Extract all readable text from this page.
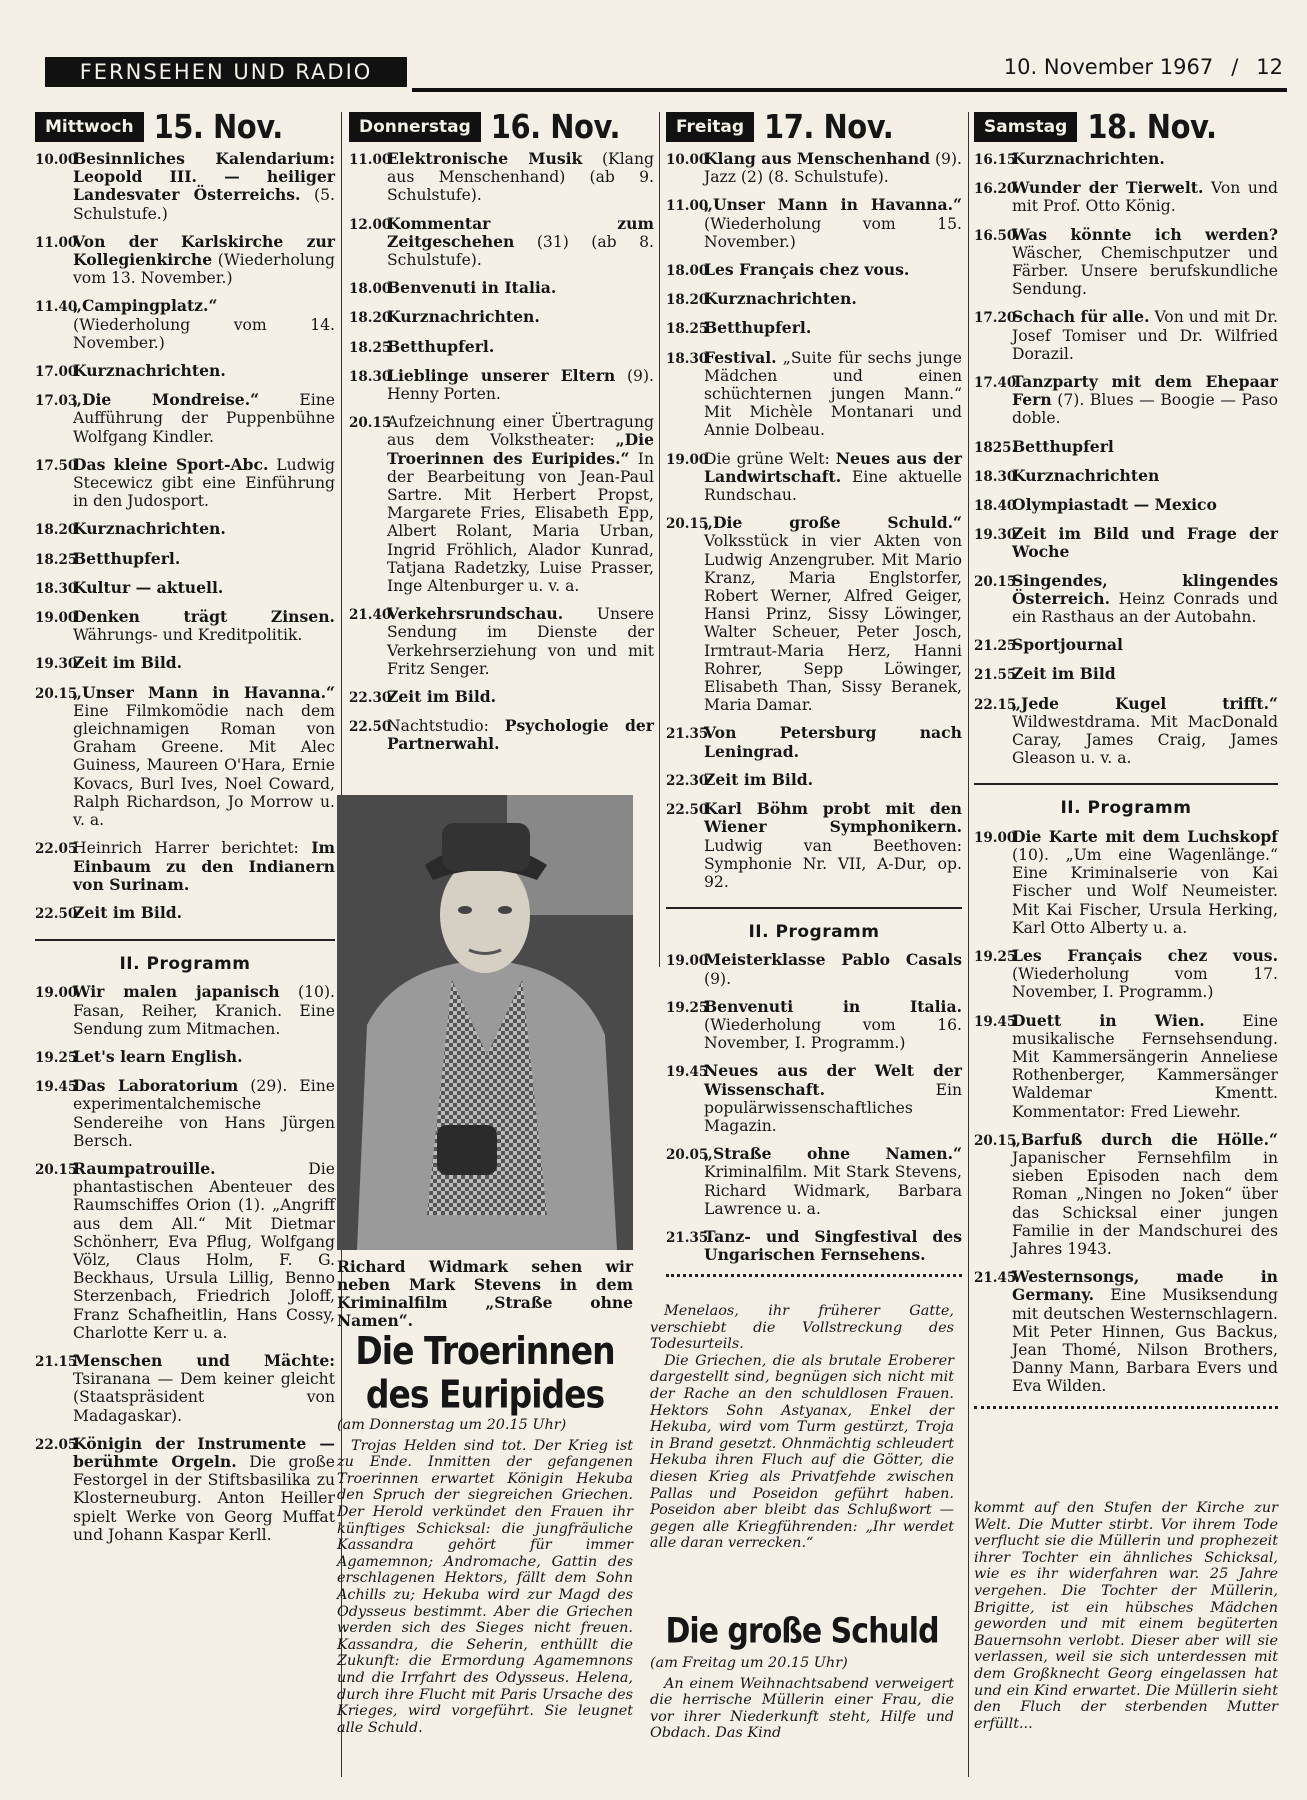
FERNSEHEN UND RADIO	10. November 1967 / 12
Mittwoch 15. Nov.
10.00
Besinnliches Kalendarium: Leopold III. — heiliger Landesvater Österreichs. (5. Schulstufe.)
11.00
Von der Karlskirche zur Kollegienkirche (Wiederholung vom 13. November.)
11.40
„Campingplatz.“ (Wiederholung vom 14. November.)
17.00
Kurznachrichten.
17.03
„Die Mondreise.“ Eine Aufführung der Puppenbühne Wolfgang Kindler.
17.50
Das kleine Sport-Abc. Ludwig Stecewicz gibt eine Einführung in den Judosport.
18.20
Kurznachrichten.
18.25
Betthupferl.
18.30
Kultur — aktuell.
19.00
Denken trägt Zinsen. Währungs- und Kreditpolitik.
19.30
Zeit im Bild.
20.15
„Unser Mann in Havanna.“ Eine Filmkomödie nach dem gleichnamigen Roman von Graham Greene. Mit Alec Guiness, Maureen O'Hara, Ernie Kovacs, Burl Ives, Noel Coward, Ralph Richardson, Jo Morrow u. v. a.
22.05
Heinrich Harrer berichtet: Im Einbaum zu den Indianern von Surinam.
22.50
Zeit im Bild.
II. Programm
19.00
Wir malen japanisch (10). Fasan, Reiher, Kranich. Eine Sendung zum Mitmachen.
19.25
Let's learn English.
19.45
Das Laboratorium (29). Eine experimentalchemische Sendereihe von Hans Jürgen Bersch.
20.15
Raumpatrouille. Die phantastischen Abenteuer des Raumschiffes Orion (1). „Angriff aus dem All.“ Mit Dietmar Schönherr, Eva Pflug, Wolfgang Völz, Claus Holm, F. G. Beckhaus, Ursula Lillig, Benno Sterzenbach, Friedrich Joloff, Franz Schafheitlin, Hans Cossy, Charlotte Kerr u. a.
21.15
Menschen und Mächte: Tsiranana — Dem keiner gleicht (Staatspräsident von Madagaskar).
22.05
Königin der Instrumente — berühmte Orgeln. Die große Festorgel in der Stiftsbasilika zu Klosterneuburg. Anton Heiller spielt Werke von Georg Muffat und Johann Kaspar Kerll.
Donnerstag 16. Nov.
11.00
Elektronische Musik (Klang aus Menschenhand) (ab 9. Schulstufe).
12.00
Kommentar zum Zeitgeschehen (31) (ab 8. Schulstufe).
18.00
Benvenuti in Italia.
18.20
Kurznachrichten.
18.25
Betthupferl.
18.30
Lieblinge unserer Eltern (9). Henny Porten.
20.15
Aufzeichnung einer Übertragung aus dem Volkstheater: „Die Troerinnen des Euripides.“ In der Bearbeitung von Jean-Paul Sartre. Mit Herbert Propst, Margarete Fries, Elisabeth Epp, Albert Rolant, Maria Urban, Ingrid Fröhlich, Alador Kunrad, Tatjana Radetzky, Luise Prasser, Inge Altenburger u. v. a.
21.40
Verkehrsrundschau. Unsere Sendung im Dienste der Verkehrserziehung von und mit Fritz Senger.
22.30
Zeit im Bild.
22.50
Nachtstudio: Psychologie der Partnerwahl.
Freitag 17. Nov.
10.00
Klang aus Menschenhand (9). Jazz (2) (8. Schulstufe).
11.00
„Unser Mann in Havanna.“ (Wiederholung vom 15. November.)
18.00
Les Français chez vous.
18.20
Kurznachrichten.
18.25
Betthupferl.
18.30
Festival. „Suite für sechs junge Mädchen und einen schüchternen jungen Mann.“ Mit Michèle Montanari und Annie Dolbeau.
19.00
Die grüne Welt: Neues aus der Landwirtschaft. Eine aktuelle Rundschau.
20.15
„Die große Schuld.“ Volksstück in vier Akten von Ludwig Anzengruber. Mit Mario Kranz, Maria Englstorfer, Robert Werner, Alfred Geiger, Hansi Prinz, Sissy Löwinger, Walter Scheuer, Peter Josch, Irmtraut-Maria Herz, Hanni Rohrer, Sepp Löwinger, Elisabeth Than, Sissy Beranek, Maria Damar.
21.35
Von Petersburg nach Leningrad.
22.30
Zeit im Bild.
22.50
Karl Böhm probt mit den Wiener Symphonikern. Ludwig van Beethoven: Symphonie Nr. VII, A-Dur, op. 92.
II. Programm
19.00
Meisterklasse Pablo Casals (9).
19.25
Benvenuti in Italia. (Wiederholung vom 16. November, I. Programm.)
19.45
Neues aus der Welt der Wissenschaft. Ein populärwissenschaftliches Magazin.
20.05
„Straße ohne Namen.“ Kriminalfilm. Mit Stark Stevens, Richard Widmark, Barbara Lawrence u. a.
21.35
Tanz- und Singfestival des Ungarischen Fernsehens.
Samstag 18. Nov.
16.15
Kurznachrichten.
16.20
Wunder der Tierwelt. Von und mit Prof. Otto König.
16.50
Was könnte ich werden? Wäscher, Chemischputzer und Färber. Unsere berufskundliche Sendung.
17.20
Schach für alle. Von und mit Dr. Josef Tomiser und Dr. Wilfried Dorazil.
17.40
Tanzparty mit dem Ehepaar Fern (7). Blues — Boogie — Paso doble.
1825.
Betthupferl
18.30
Kurznachrichten
18.40
Olympiastadt — Mexico
19.30
Zeit im Bild und Frage der Woche
20.15
Singendes, klingendes Österreich. Heinz Conrads und ein Rasthaus an der Autobahn.
21.25
Sportjournal
21.55
Zeit im Bild
22.15
„Jede Kugel trifft.“ Wildwestdrama. Mit MacDonald Caray, James Craig, James Gleason u. v. a.
II. Programm
19.00
Die Karte mit dem Luchskopf (10). „Um eine Wagenlänge.“ Eine Kriminalserie von Kai Fischer und Wolf Neumeister. Mit Kai Fischer, Ursula Herking, Karl Otto Alberty u. a.
19.25
Les Français chez vous. (Wiederholung vom 17. November, I. Programm.)
19.45
Duett in Wien. Eine musikalische Fernsehsendung. Mit Kammersängerin Anneliese Rothenberger, Kammersänger Waldemar Kmentt. Kommentator: Fred Liewehr.
20.15
„Barfuß durch die Hölle.“ Japanischer Fernsehfilm in sieben Episoden nach dem Roman „Ningen no Joken“ über das Schicksal einer jungen Familie in der Mandschurei des Jahres 1943.
21.45
Westernsongs, made in Germany. Eine Musiksendung mit deutschen Westernschlagern. Mit Peter Hinnen, Gus Backus, Jean Thomé, Nilson Brothers, Danny Mann, Barbara Evers und Eva Wilden.
Richard Widmark sehen wir neben Mark Stevens in dem Kriminalfilm „Straße ohne Namen“.
Die Troerinnen des Euripides
(am Donnerstag um 20.15 Uhr)

Trojas Helden sind tot. Der Krieg ist zu Ende. Inmitten der gefangenen Troerinnen erwartet Königin Hekuba den Spruch der siegreichen Griechen. Der Herold verkündet den Frauen ihr künftiges Schicksal: die jungfräuliche Kassandra gehört für immer Agamemnon; Andromache, Gattin des erschlagenen Hektors, fällt dem Sohn Achills zu; Hekuba wird zur Magd des Odysseus bestimmt. Aber die Griechen werden sich des Sieges nicht freuen. Kassandra, die Seherin, enthüllt die Zukunft: die Ermordung Agamemnons und die Irrfahrt des Odysseus. Helena, durch ihre Flucht mit Paris Ursache des Krieges, wird vorgeführt. Sie leugnet alle Schuld.

Menelaos, ihr früherer Gatte, verschiebt die Vollstreckung des Todesurteils.

Die Griechen, die als brutale Eroberer dargestellt sind, begnügen sich nicht mit der Rache an den schuldlosen Frauen. Hektors Sohn Astyanax, Enkel der Hekuba, wird vom Turm gestürzt, Troja in Brand gesetzt. Ohnmächtig schleudert Hekuba ihren Fluch auf die Götter, die diesen Krieg als Privatfehde zwischen Pallas und Poseidon geführt haben. Poseidon aber bleibt das Schlußwort — gegen alle Kriegführenden: „Ihr werdet alle daran verrecken.“

Die große Schuld
(am Freitag um 20.15 Uhr)

An einem Weihnachtsabend verweigert die herrische Müllerin einer Frau, die vor ihrer Niederkunft steht, Hilfe und Obdach. Das Kind

kommt auf den Stufen der Kirche zur Welt. Die Mutter stirbt. Vor ihrem Tode verflucht sie die Müllerin und prophezeit ihrer Tochter ein ähnliches Schicksal, wie es ihr widerfahren war. 25 Jahre vergehen. Die Tochter der Müllerin, Brigitte, ist ein hübsches Mädchen geworden und mit einem begüterten Bauernsohn verlobt. Dieser aber will sie verlassen, weil sie sich unterdessen mit dem Großknecht Georg eingelassen hat und ein Kind erwartet. Die Müllerin sieht den Fluch der sterbenden Mutter erfüllt...
